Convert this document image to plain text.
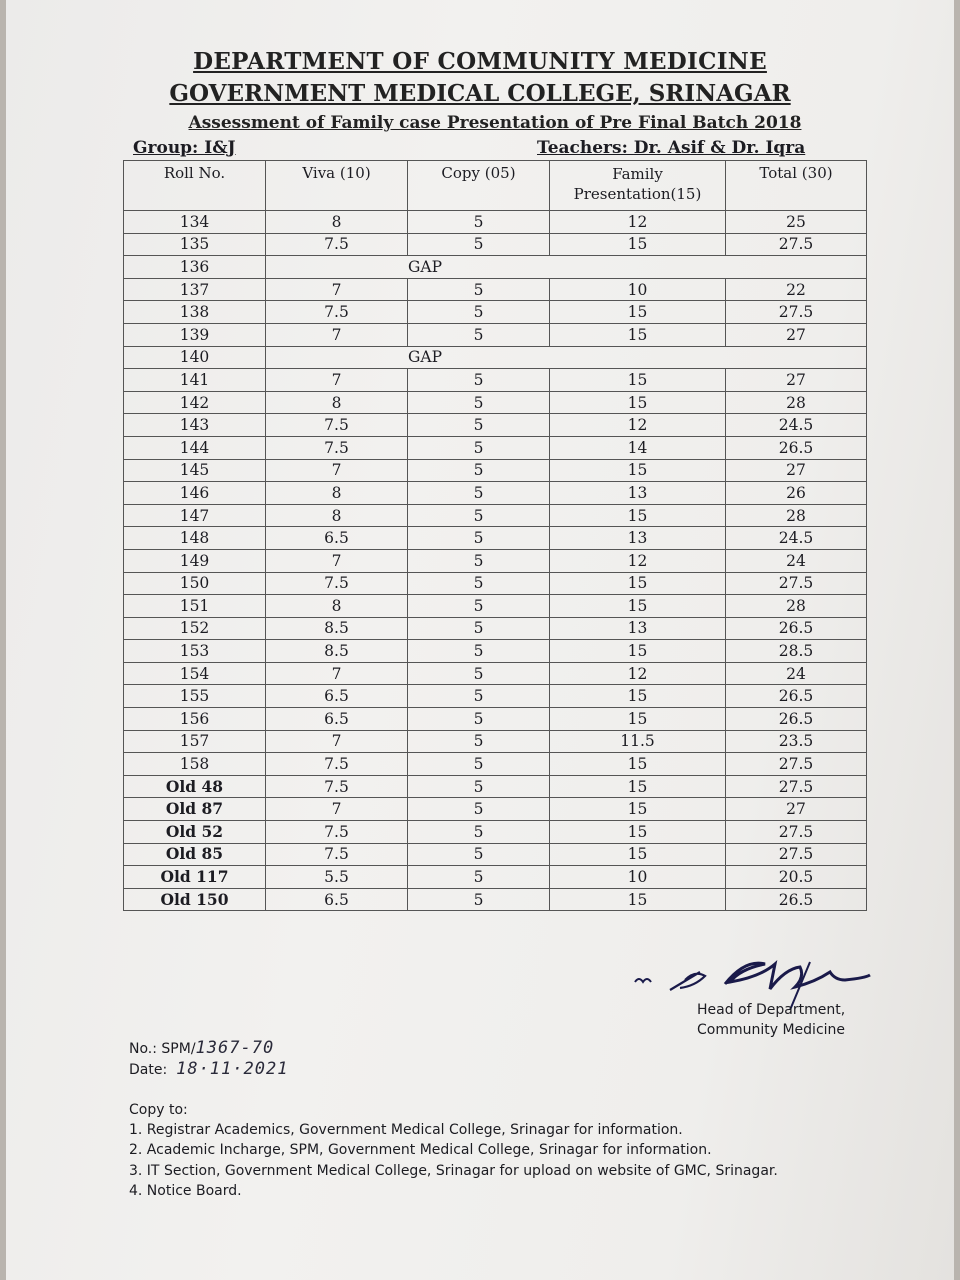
DEPARTMENT OF COMMUNITY MEDICINE
GOVERNMENT MEDICAL COLLEGE, SRINAGAR
Assessment of Family case Presentation of Pre Final Batch 2018
Group: I&J	Teachers: Dr. Asif & Dr. Iqra
Roll No.	Viva (10)	Copy (05)	Family Presentation(15)	Total (30)
134	8	5	12	25
135	7.5	5	15	27.5
136	GAP			
137	7	5	10	22
138	7.5	5	15	27.5
139	7	5	15	27
140	GAP			
141	7	5	15	27
142	8	5	15	28
143	7.5	5	12	24.5
144	7.5	5	14	26.5
145	7	5	15	27
146	8	5	13	26
147	8	5	15	28
148	6.5	5	13	24.5
149	7	5	12	24
150	7.5	5	15	27.5
151	8	5	15	28
152	8.5	5	13	26.5
153	8.5	5	15	28.5
154	7	5	12	24
155	6.5	5	15	26.5
156	6.5	5	15	26.5
157	7	5	11.5	23.5
158	7.5	5	15	27.5
Old 48	7.5	5	15	27.5
Old 87	7	5	15	27
Old 52	7.5	5	15	27.5
Old 85	7.5	5	15	27.5
Old 117	5.5	5	10	20.5
Old 150	6.5	5	15	26.5
Head of Department,
Community Medicine
No.: SPM/1367-70
Date: 18·11·2021
Copy to:
1. Registrar Academics, Government Medical College, Srinagar for information.
2. Academic Incharge, SPM, Government Medical College, Srinagar for information.
3. IT Section, Government Medical College, Srinagar for upload on website of GMC, Srinagar.
4. Notice Board.
